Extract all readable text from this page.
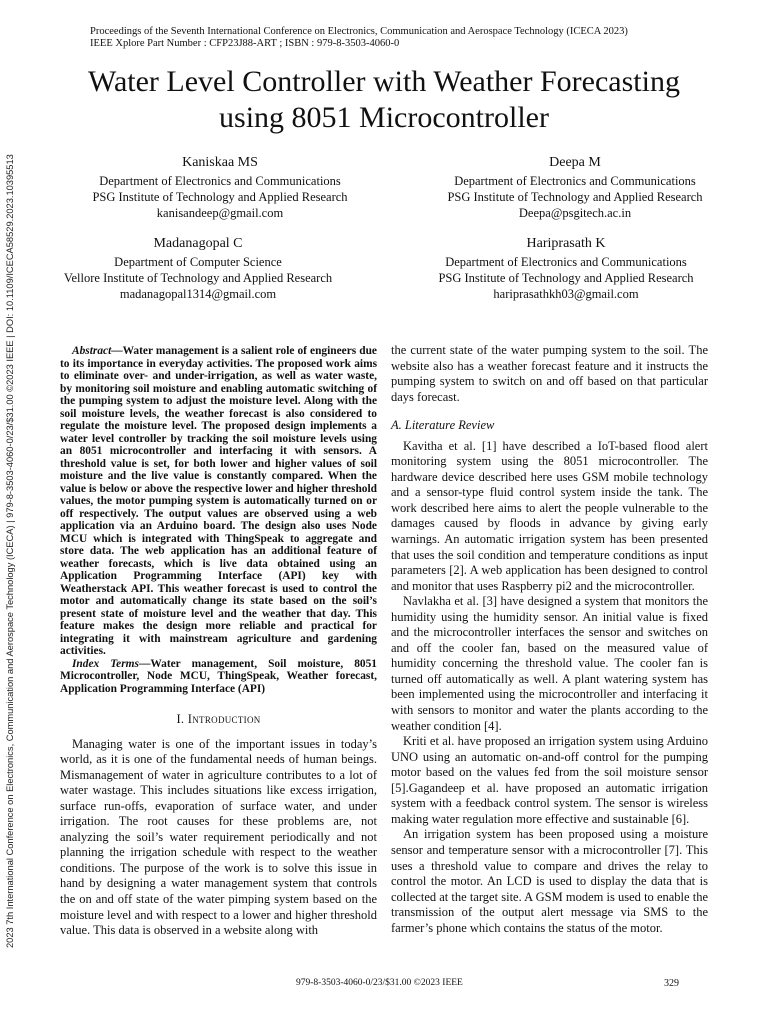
2023 7th International Conference on Electronics, Communication and Aerospace Technology (ICECA) | 979-8-3503-4060-0/23/$31.00 ©2023 IEEE | DOI: 10.1109/ICECA58529.2023.10395513
Proceedings of the Seventh International Conference on Electronics, Communication and Aerospace Technology (ICECA 2023)
IEEE Xplore Part Number : CFP23J88-ART ; ISBN : 979-8-3503-4060-0
Water Level Controller with Weather Forecasting
using 8051 Microcontroller
Kaniskaa MS
Department of Electronics and Communications
PSG Institute of Technology and Applied Research
kanisandeep@gmail.com
Deepa M
Department of Electronics and Communications
PSG Institute of Technology and Applied Research
Deepa@psgitech.ac.in
Madanagopal C
Department of Computer Science
Vellore Institute of Technology and Applied Research
madanagopal1314@gmail.com
Hariprasath K
Department of Electronics and Communications
PSG Institute of Technology and Applied Research
hariprasathkh03@gmail.com

Abstract—Water management is a salient role of engineers due to its importance in everyday activities. The proposed work aims to eliminate over- and under-irrigation, as well as water waste, by monitoring soil moisture and enabling automatic switching of the pumping system to adjust the moisture level. Along with the soil moisture levels, the weather forecast is also considered to regulate the moisture level. The proposed design implements a water level controller by tracking the soil moisture levels using an 8051 microcontroller and interfacing it with sensors. A threshold value is set, for both lower and higher values of soil moisture and the live value is constantly compared. When the value is below or above the respective lower and higher threshold values, the motor pumping system is automatically turned on or off respectively. The output values are observed using a web application via an Arduino board. The design also uses Node MCU which is integrated with ThingSpeak to aggregate and store data. The web application has an additional feature of weather forecasts, which is live data obtained using an Application Programming Interface (API) key with Weatherstack API. This weather forecast is used to control the motor and automatically change its state based on the soil’s present state of moisture level and the weather that day. This feature makes the design more reliable and practical for integrating it with mainstream agriculture and gardening activities.

Index Terms—Water management, Soil moisture, 8051 Microcontroller, Node MCU, ThingSpeak, Weather forecast, Application Programming Interface (API)

I. Introduction

Managing water is one of the important issues in today’s world, as it is one of the fundamental needs of human beings. Mismanagement of water in agriculture contributes to a lot of water wastage. This includes situations like excess irrigation, surface run-offs, evaporation of surface water, and under irrigation. The root causes for these problems are, not analyzing the soil’s water requirement periodically and not planning the irrigation schedule with respect to the weather conditions. The purpose of the work is to solve this issue in hand by designing a water management system that controls the on and off state of the water pimping system based on the moisture level and with respect to a lower and higher threshold value. This data is observed in a website along with

the current state of the water pumping system to the soil. The website also has a weather forecast feature and it instructs the pumping system to switch on and off based on that particular days forecast.

A. Literature Review

Kavitha et al. [1] have described a IoT-based flood alert monitoring system using the 8051 microcontroller. The hardware device described here uses GSM mobile technology and a sensor-type fluid control system inside the tank. The work described here aims to alert the people vulnerable to the damages caused by floods in advance by giving early warnings. An automatic irrigation system has been presented that uses the soil condition and temperature conditions as input parameters [2]. A web application has been designed to control and monitor that uses Raspberry pi2 and the microcontroller.

Navlakha et al. [3] have designed a system that monitors the humidity using the humidity sensor. An initial value is fixed and the microcontroller interfaces the sensor and switches on and off the cooler fan, based on the measured value of humidity concerning the threshold value. The cooler fan is turned off automatically as well. A plant watering system has been implemented using the microcontroller and interfacing it with sensors to monitor and water the plants according to the weather condition [4].

Kriti et al. have proposed an irrigation system using Arduino UNO using an automatic on-and-off control for the pumping motor based on the values fed from the soil moisture sensor [5].Gagandeep et al. have proposed an automatic irrigation system with a feedback control system. The sensor is wireless making water regulation more effective and sustainable [6].

An irrigation system has been proposed using a moisture sensor and temperature sensor with a microcontroller [7]. This uses a threshold value to compare and drives the relay to control the motor. An LCD is used to display the data that is collected at the target site. A GSM modem is used to enable the transmission of the output alert message via SMS to the farmer’s phone which contains the status of the motor.

979-8-3503-4060-0/23/$31.00 ©2023 IEEE	329
